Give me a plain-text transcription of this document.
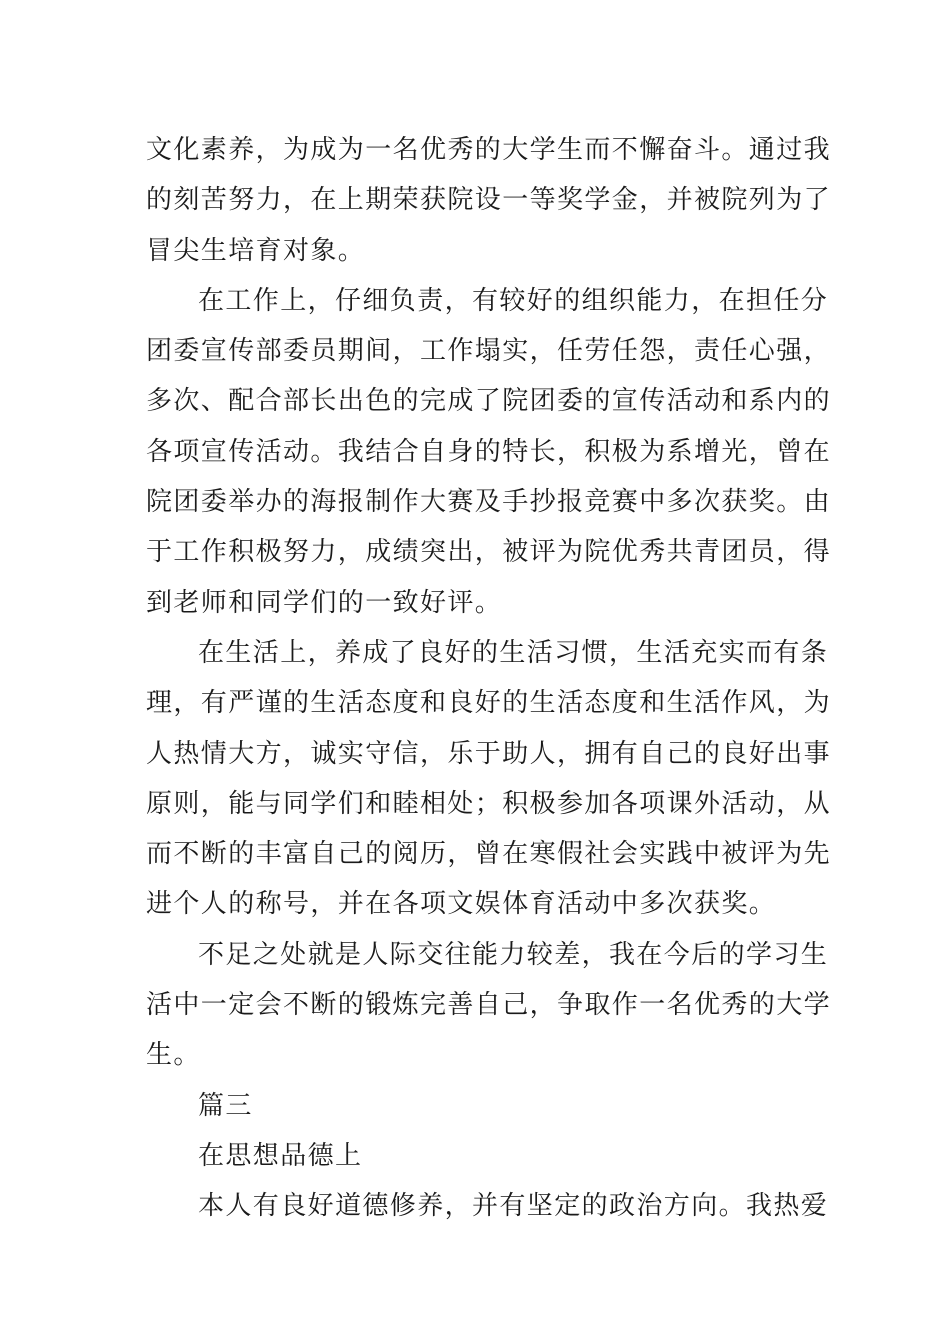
文化素养，为成为一名优秀的大学生而不懈奋斗。通过我
的刻苦努力，在上期荣获院设一等奖学金，并被院列为了
冒尖生培育对象。

在工作上，仔细负责，有较好的组织能力，在担任分
团委宣传部委员期间，工作塌实，任劳任怨，责任心强，
多次、配合部长出色的完成了院团委的宣传活动和系内的
各项宣传活动。我结合自身的特长，积极为系增光，曾在
院团委举办的海报制作大赛及手抄报竞赛中多次获奖。由
于工作积极努力，成绩突出，被评为院优秀共青团员，得
到老师和同学们的一致好评。

在生活上，养成了良好的生活习惯，生活充实而有条
理，有严谨的生活态度和良好的生活态度和生活作风，为
人热情大方，诚实守信，乐于助人，拥有自己的良好出事
原则，能与同学们和睦相处；积极参加各项课外活动，从
而不断的丰富自己的阅历，曾在寒假社会实践中被评为先
进个人的称号，并在各项文娱体育活动中多次获奖。

不足之处就是人际交往能力较差，我在今后的学习生
活中一定会不断的锻炼完善自己，争取作一名优秀的大学
生。

篇三

在思想品德上

本人有良好道德修养，并有坚定的政治方向。我热爱
